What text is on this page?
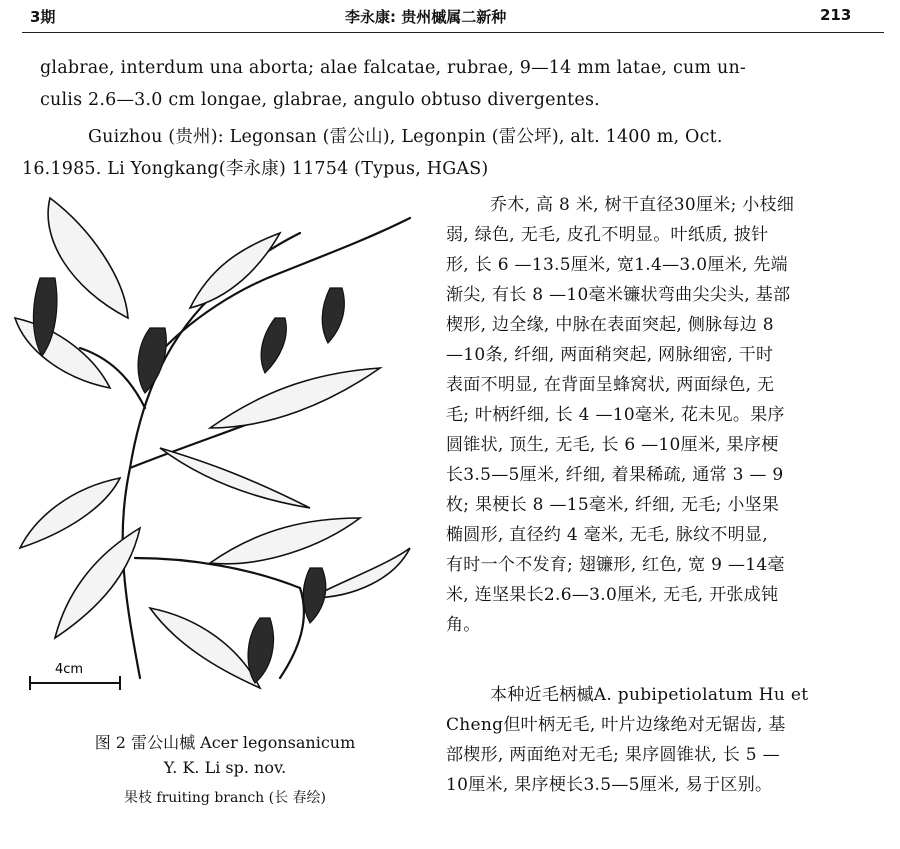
3期	李永康: 贵州槭属二新种	213
glabrae, interdum una aborta; alae falcatae, rubrae, 9—14 mm latae, cum un-
culis 2.6—3.0 cm longae, glabrae, angulo obtuso divergentes.
Guizhou (贵州): Legonsan (雷公山), Legonpin (雷公坪), alt. 1400 m, Oct.
16.1985. Li Yongkang(李永康) 11754 (Typus, HGAS)
4cm
图 2 雷公山槭 Acer legonsanicum
Y. K. Li sp. nov.
果枝 fruiting branch (长 春绘)
乔木, 高 8 米, 树干直径30厘米; 小枝细
弱, 绿色, 无毛, 皮孔不明显。叶纸质, 披针
形, 长 6 —13.5厘米, 宽1.4—3.0厘米, 先端
渐尖, 有长 8 —10毫米镰状弯曲尖尖头, 基部
楔形, 边全缘, 中脉在表面突起, 侧脉每边 8
—10条, 纤细, 两面稍突起, 网脉细密, 干时
表面不明显, 在背面呈蜂窝状, 两面绿色, 无
毛; 叶柄纤细, 长 4 —10毫米, 花未见。果序
圆锥状, 顶生, 无毛, 长 6 —10厘米, 果序梗
长3.5—5厘米, 纤细, 着果稀疏, 通常 3 — 9
枚; 果梗长 8 —15毫米, 纤细, 无毛; 小坚果
椭圆形, 直径约 4 毫米, 无毛, 脉纹不明显,
有时一个不发育; 翅镰形, 红色, 宽 9 —14毫
米, 连坚果长2.6—3.0厘米, 无毛, 开张成钝
角。
本种近毛柄槭A. pubipetiolatum Hu et
Cheng但叶柄无毛, 叶片边缘绝对无锯齿, 基
部楔形, 两面绝对无毛; 果序圆锥状, 长 5 —
10厘米, 果序梗长3.5—5厘米, 易于区别。
